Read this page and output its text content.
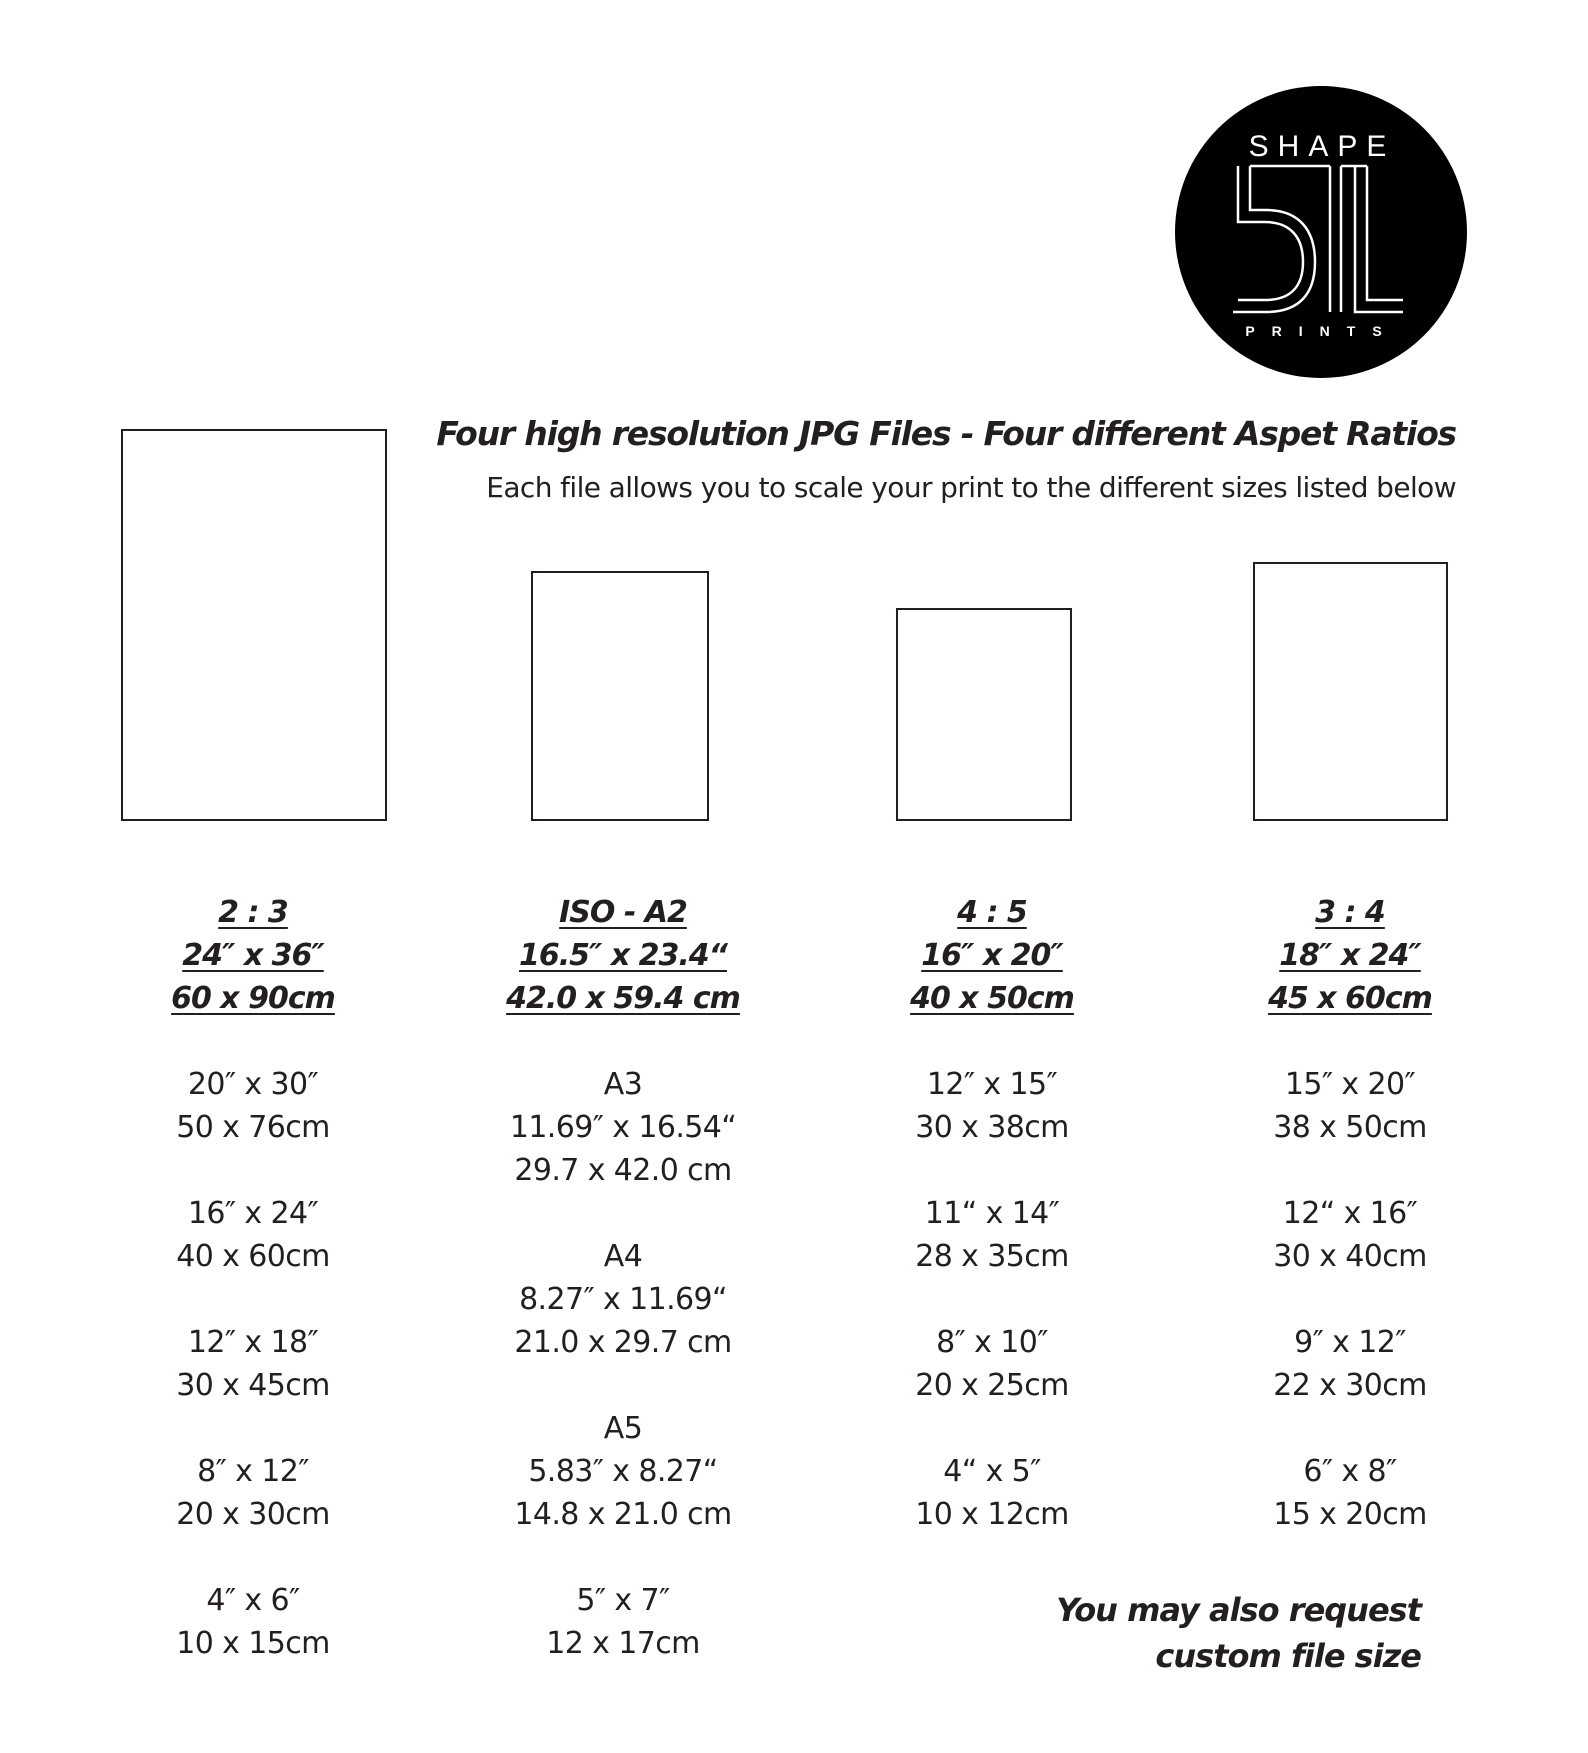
SHAPE
PRINTS
Four high resolution JPG Files - Four different Aspet Ratios
Each file allows you to scale your print to the different sizes listed below
2 : 3
24″ x 36″
60 x 90cm
20″ x 30″
50 x 76cm
16″ x 24″
40 x 60cm
12″ x 18″
30 x 45cm
8″ x 12″
20 x 30cm
4″ x 6″
10 x 15cm
ISO - A2
16.5″ x 23.4“
42.0 x 59.4 cm
A3
11.69″ x 16.54“
29.7 x 42.0 cm
A4
8.27″ x 11.69“
21.0 x 29.7 cm
A5
5.83″ x 8.27“
14.8 x 21.0 cm
5″ x 7″
12 x 17cm
4 : 5
16″ x 20″
40 x 50cm
12″ x 15″
30 x 38cm
11“ x 14″
28 x 35cm
8″ x 10″
20 x 25cm
4“ x 5″
10 x 12cm
3 : 4
18″ x 24″
45 x 60cm
15″ x 20″
38 x 50cm
12“ x 16″
30 x 40cm
9″ x 12″
22 x 30cm
6″ x 8″
15 x 20cm
You may also request
custom file size
